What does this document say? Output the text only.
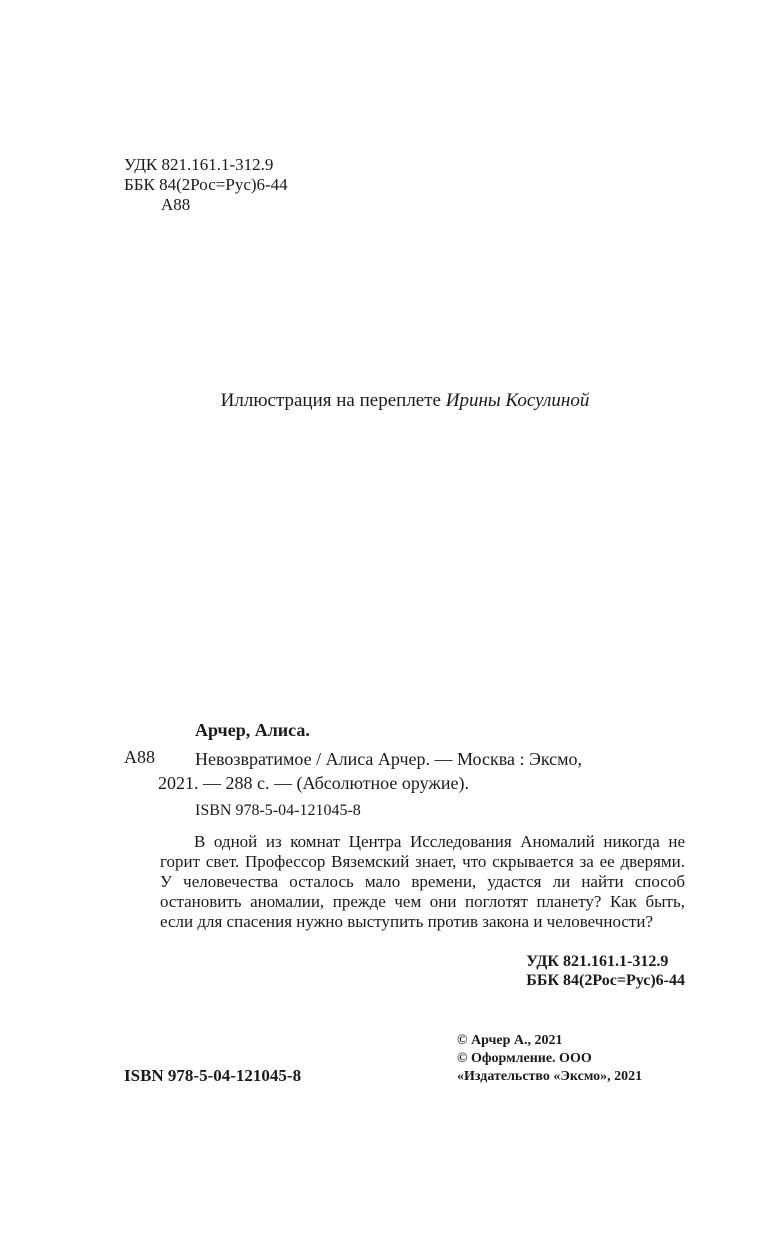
УДК 821.161.1-312.9
ББК 84(2Рос=Рус)6-44
А88
Иллюстрация на переплете Ирины Косулиной
Арчер, Алиса.
А88 Невозвратимое / Алиса Арчер. — Москва : Эксмо,

2021. — 288 с. — (Абсолютное оружие).

ISBN 978-5-04-121045-8

В одной из комнат Центра Исследования Аномалий никогда не горит свет. Профессор Вяземский знает, что скрывается за ее дверями. У человечества осталось мало времени, удастся ли найти способ остановить аномалии, прежде чем они поглотят планету? Как быть, если для спасения нужно выступить против закона и человечности?

УДК 821.161.1-312.9
ББК 84(2Рос=Рус)6-44
© Арчер А., 2021
© Оформление. ООО
«Издательство «Эксмо», 2021
ISBN 978-5-04-121045-8
